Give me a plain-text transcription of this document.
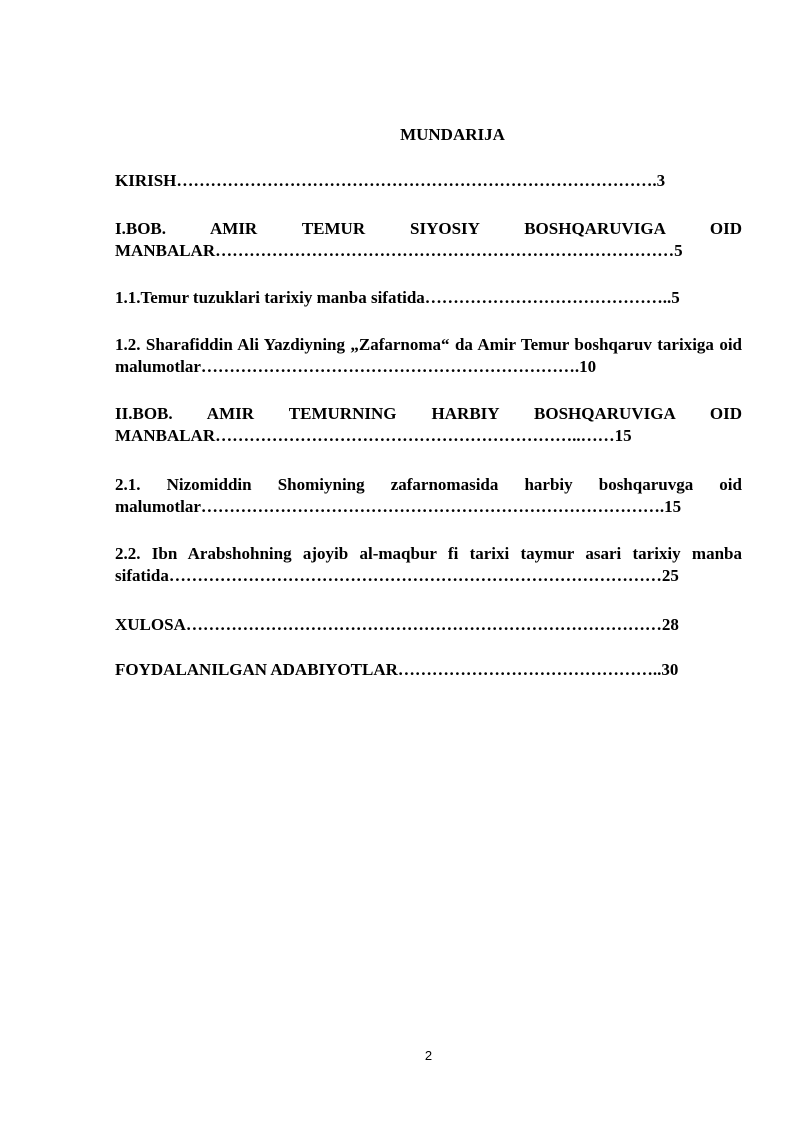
MUNDARIJA
KIRISH………………………………………………………………………….3
I.BOB. AMIR TEMUR SIYOSIY BOSHQARUVIGA OID MANBALAR………………………………………………………………………5
1.1.Temur tuzuklari tarixiy manba sifatida……………………………………..5
1.2. Sharafiddin Ali Yazdiyning „Zafarnoma“ da Amir Temur boshqaruv tarixiga oid malumotlar………………………………………………………….10
II.BOB. AMIR TEMURNING HARBIY BOSHQARUVIGA OID MANBALAR………………………………………………………..……15
2.1. Nizomiddin Shomiyning zafarnomasida harbiy boshqaruvga oid malumotlar……………………………………………………………………….15
2.2. Ibn Arabshohning ajoyib al-maqbur fi tarixi taymur asari tarixiy manba sifatida……………………………………………………………………………25
XULOSA…………………………………………………………………………28
FOYDALANILGAN ADABIYOTLAR………………………………………..30
2
